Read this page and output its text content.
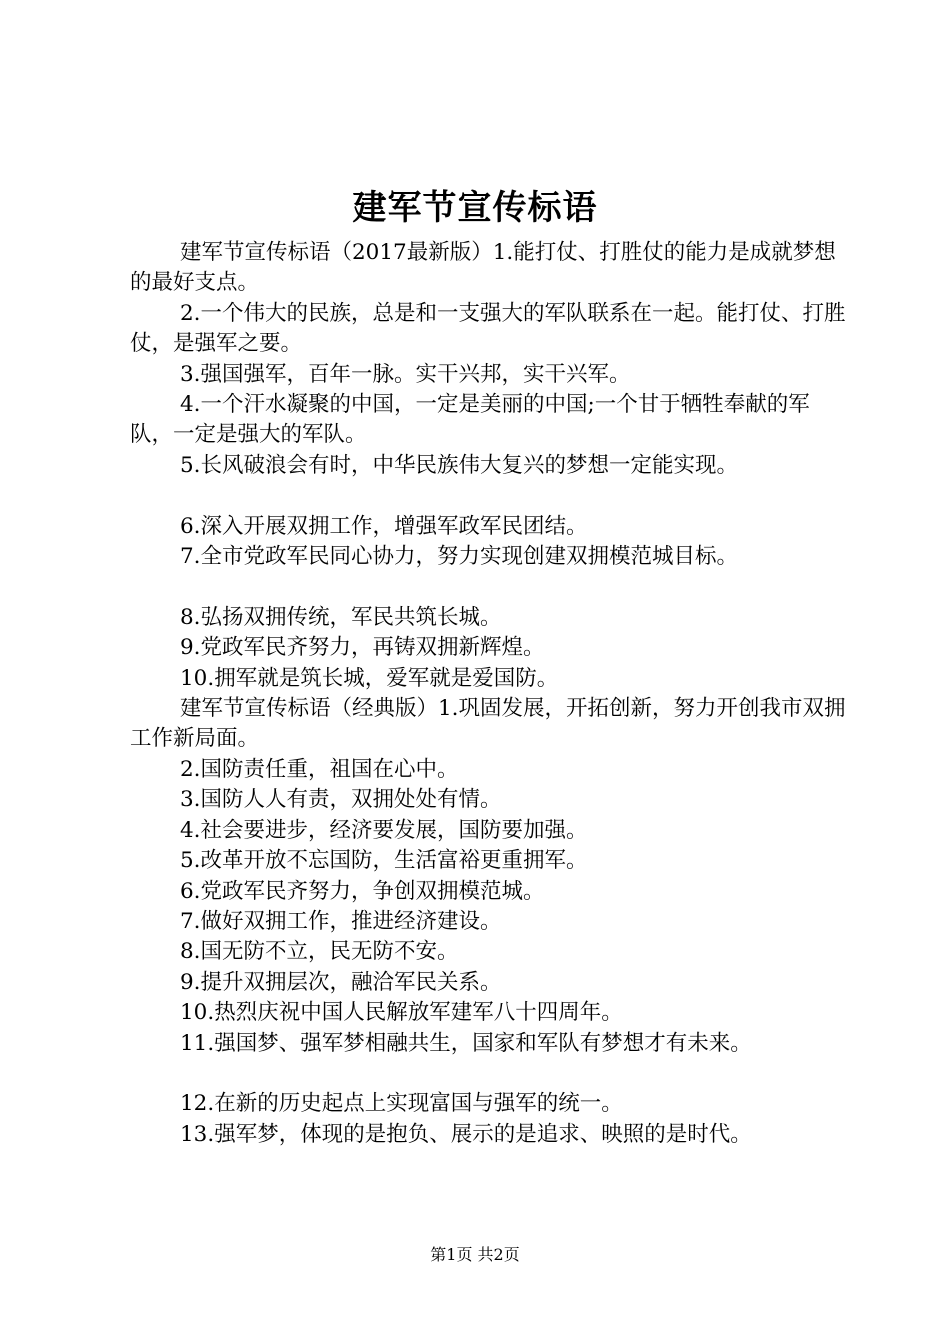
建军节宣传标语

建军节宣传标语（2017最新版）1.能打仗、打胜仗的能力是成就梦想的最好支点。

2.一个伟大的民族，总是和一支强大的军队联系在一起。能打仗、打胜仗，是强军之要。

3.强国强军，百年一脉。实干兴邦，实干兴军。

4.一个汗水凝聚的中国，一定是美丽的中国;一个甘于牺牲奉献的军队，一定是强大的军队。

5.长风破浪会有时，中华民族伟大复兴的梦想一定能实现。

6.深入开展双拥工作，增强军政军民团结。

7.全市党政军民同心协力，努力实现创建双拥模范城目标。

8.弘扬双拥传统，军民共筑长城。

9.党政军民齐努力，再铸双拥新辉煌。

10.拥军就是筑长城，爱军就是爱国防。

建军节宣传标语（经典版）1.巩固发展，开拓创新，努力开创我市双拥工作新局面。

2.国防责任重，祖国在心中。

3.国防人人有责，双拥处处有情。

4.社会要进步，经济要发展，国防要加强。

5.改革开放不忘国防，生活富裕更重拥军。

6.党政军民齐努力，争创双拥模范城。

7.做好双拥工作，推进经济建设。

8.国无防不立，民无防不安。

9.提升双拥层次，融洽军民关系。

10.热烈庆祝中国人民解放军建军八十四周年。

11.强国梦、强军梦相融共生，国家和军队有梦想才有未来。

12.在新的历史起点上实现富国与强军的统一。

13.强军梦，体现的是抱负、展示的是追求、映照的是时代。

第1页 共2页
